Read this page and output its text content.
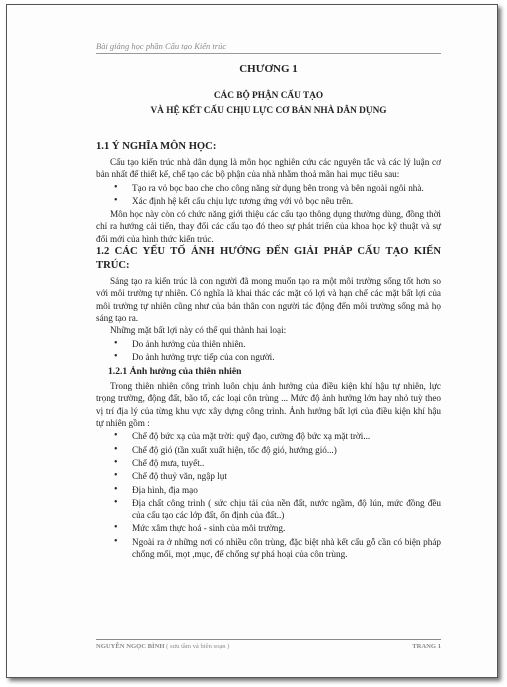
Bài giảng học phần Cấu tạo Kiến trúc
CHƯƠNG 1
CÁC BỘ PHẬN CẤU TẠO
VÀ HỆ KẾT CẤU CHỊU LỰC CƠ BẢN NHÀ DÂN DỤNG
1.1 Ý NGHĨA MÔN HỌC:

Cấu tạo kiến trúc nhà dân dụng là môn học nghiên cứu các nguyên tắc và các lý luận cơ bản nhất để thiết kế, chế tạo các bộ phận của nhà nhằm thoả mãn hai mục tiêu sau:

• Tạo ra vỏ bọc bao che cho công năng sử dụng bên trong và bên ngoài ngôi nhà.
• Xác định hệ kết cấu chịu lực tương ứng với vỏ bọc nêu trên.

Môn học này còn có chức năng giới thiệu các cấu tạo thông dụng thường dùng, đồng thời chỉ ra hướng cải tiến, thay đổi các cấu tạo đó theo sự phát triển của khoa học kỹ thuật và sự đổi mới của hình thức kiến trúc.

1.2 CÁC YẾU TỐ ẢNH HƯỞNG ĐẾN GIẢI PHÁP CẤU TẠO KIẾN TRÚC:

Sáng tạo ra kiến trúc là con người đã mong muốn tạo ra một môi trường sống tốt hơn so với môi trường tự nhiên. Có nghĩa là khai thác các mặt có lợi và hạn chế các mặt bất lợi của môi trường tự nhiên cũng như của bản thân con người tác động đến môi trường sống mà họ sáng tạo ra.

Những mặt bất lợi này có thể qui thành hai loại:

• Do ảnh hưởng của thiên nhiên.
• Do ảnh hưởng trực tiếp của con người.
1.2.1 Ảnh hưởng của thiên nhiên

Trong thiên nhiên công trình luôn chịu ảnh hưởng của điều kiện khí hậu tự nhiên, lực trọng trường, động đất, bão tố, các loại côn trùng ... Mức độ ảnh hưởng lớn hay nhỏ tuỳ theo vị trí địa lý của từng khu vực xây dựng công trình. Ảnh hưởng bất lợi của điều kiện khí hậu tự nhiên gồm :

• Chế độ bức xạ của mặt trời: quỹ đạo, cường độ bức xạ mặt trời...
• Chế độ gió (tần xuất xuất hiện, tốc độ gió, hướng gió...)
• Chế độ mưa, tuyết..
• Chế độ thuỷ văn, ngập lụt
• Địa hình, địa mạo
• Địa chất công trình ( sức chịu tải của nền đất, nước ngầm, độ lún, mức đồng đều của cấu tạo các lớp đất, ổn định của đất..)
• Mức xâm thực hoá - sinh của môi trường.
• Ngoài ra ở những nơi có nhiều côn trùng, đặc biệt nhà kết cấu gỗ cần có biện pháp chống mối, mọt ,mục, để chống sự phá hoại của côn trùng.
NGUYỄN NGỌC BÌNH ( sưu tầm và biên soạn )	TRANG 1
